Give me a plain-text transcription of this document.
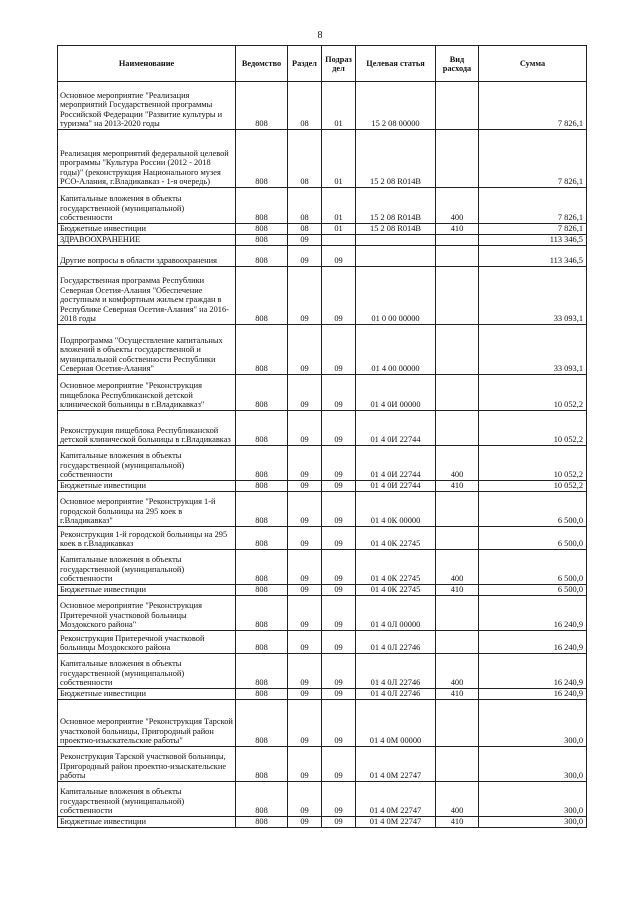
8
Наименование	Ведомство	Раздел	Подраз дел	Целевая статья	Вид расхода	Сумма
Основное мероприятие "Реализация мероприятий Государственной программы Российской Федерации "Развитие культуры и туризма" на 2013-2020 годы	808	08	01	15 2 08 00000		7 826,1
Реализация мероприятий федеральной целевой программы "Культура России (2012 - 2018 годы)" (реконструкция Национального музея РСО-Алания, г.Владикавказ - 1-я очередь)	808	08	01	15 2 08 R014В		7 826,1
Капитальные вложения в объекты государственной (муниципальной) собственности	808	08	01	15 2 08 R014В	400	7 826,1
Бюджетные инвестиции	808	08	01	15 2 08 R014В	410	7 826,1
ЗДРАВООХРАНЕНИЕ	808	09				113 346,5
Другие вопросы в области здравоохранения	808	09	09			113 346,5
Государственная программа Республики Северная Осетия-Алания "Обеспечение доступным и комфортным жильем граждан в Республике Северная Осетия-Алания" на 2016-2018 годы	808	09	09	01 0 00 00000		33 093,1
Подпрограмма "Осуществление капитальных вложений в объекты государственной и муниципальной собственности Республики Северная Осетия-Алания"	808	09	09	01 4 00 00000		33 093,1
Основное мероприятие "Реконструкция пищеблока Республиканской детской клинической больницы в г.Владикавказ"	808	09	09	01 4 0И 00000		10 052,2
Реконструкция пищеблока Республиканской детской клинической больницы в г.Владикавказ	808	09	09	01 4 0И 22744		10 052,2
Капитальные вложения в объекты государственной (муниципальной) собственности	808	09	09	01 4 0И 22744	400	10 052,2
Бюджетные инвестиции	808	09	09	01 4 0И 22744	410	10 052,2
Основное мероприятие "Реконструкция 1-й городской больницы на 295 коек в г.Владикавказ"	808	09	09	01 4 0К 00000		6 500,0
Реконструкция 1-й городской больницы на 295 коек в г.Владикавказ	808	09	09	01 4 0К 22745		6 500,0
Капитальные вложения в объекты государственной (муниципальной) собственности	808	09	09	01 4 0К 22745	400	6 500,0
Бюджетные инвестиции	808	09	09	01 4 0К 22745	410	6 500,0
Основное мероприятие "Реконструкция Притеречной участковой больницы Моздокского района"	808	09	09	01 4 0Л 00000		16 240,9
Реконструкция Притеречной участковой больницы Моздокского района	808	09	09	01 4 0Л 22746		16 240,9
Капитальные вложения в объекты государственной (муниципальной) собственности	808	09	09	01 4 0Л 22746	400	16 240,9
Бюджетные инвестиции	808	09	09	01 4 0Л 22746	410	16 240,9
Основное мероприятие "Реконструкция Тарской участковой больницы, Пригородный район проектно-изыскательские работы"	808	09	09	01 4 0М 00000		300,0
Реконструкция Тарской участковой больницы, Пригородный район проектно-изыскательские работы	808	09	09	01 4 0М 22747		300,0
Капитальные вложения в объекты государственной (муниципальной) собственности	808	09	09	01 4 0М 22747	400	300,0
Бюджетные инвестиции	808	09	09	01 4 0М 22747	410	300,0
